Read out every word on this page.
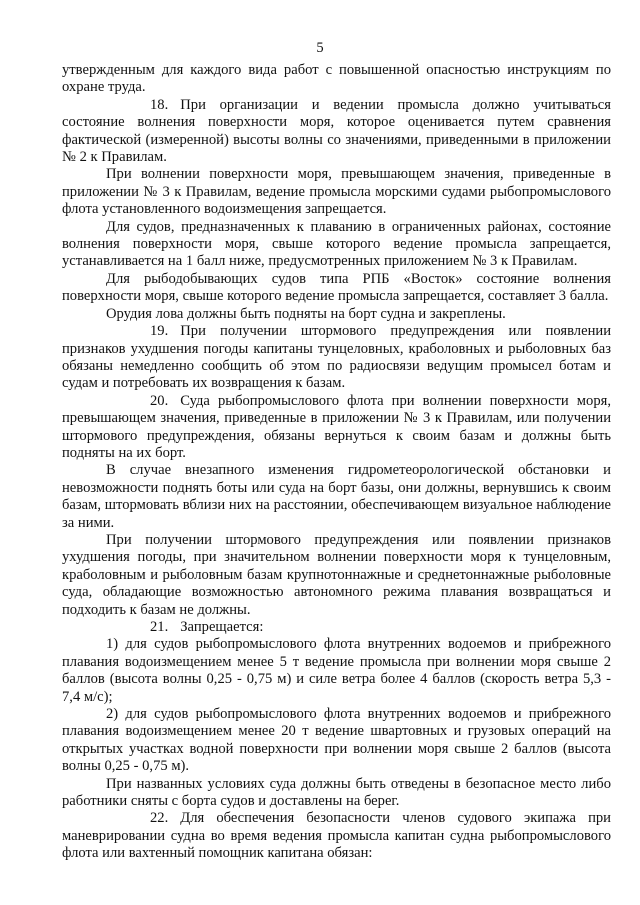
5

утвержденным для каждого вида работ с повышенной опасностью инструкциям по охране труда.

18. При организации и ведении промысла должно учитываться состояние волнения поверхности моря, которое оценивается путем сравнения фактической (измеренной) высоты волны со значениями, приведенными в приложении № 2 к Правилам.

При волнении поверхности моря, превышающем значения, приведенные в приложении № 3 к Правилам, ведение промысла морскими судами рыбопромыслового флота установленного водоизмещения запрещается.

Для судов, предназначенных к плаванию в ограниченных районах, состояние волнения поверхности моря, свыше которого ведение промысла запрещается, устанавливается на 1 балл ниже, предусмотренных приложением № 3 к Правилам.

Для рыбодобывающих судов типа РПБ «Восток» состояние волнения поверхности моря, свыше которого ведение промысла запрещается, составляет 3 балла.

Орудия лова должны быть подняты на борт судна и закреплены.

19. При получении штормового предупреждения или появлении признаков ухудшения погоды капитаны тунцеловных, краболовных и рыболовных баз обязаны немедленно сообщить об этом по радиосвязи ведущим промысел ботам и судам и потребовать их возвращения к базам.

20. Суда рыбопромыслового флота при волнении поверхности моря, превышающем значения, приведенные в приложении № 3 к Правилам, или получении штормового предупреждения, обязаны вернуться к своим базам и должны быть подняты на их борт.

В случае внезапного изменения гидрометеорологической обстановки и невозможности поднять боты или суда на борт базы, они должны, вернувшись к своим базам, штормовать вблизи них на расстоянии, обеспечивающем визуальное наблюдение за ними.

При получении штормового предупреждения или появлении признаков ухудшения погоды, при значительном волнении поверхности моря к тунцеловным, краболовным и рыболовным базам крупнотоннажные и среднетоннажные рыболовные суда, обладающие возможностью автономного режима плавания возвращаться и подходить к базам не должны.

21. Запрещается:

1) для судов рыбопромыслового флота внутренних водоемов и прибрежного плавания водоизмещением менее 5 т ведение промысла при волнении моря свыше 2 баллов (высота волны 0,25 - 0,75 м) и силе ветра более 4 баллов (скорость ветра 5,3 - 7,4 м/с);

2) для судов рыбопромыслового флота внутренних водоемов и прибрежного плавания водоизмещением менее 20 т ведение швартовных и грузовых операций на открытых участках водной поверхности при волнении моря свыше 2 баллов (высота волны 0,25 - 0,75 м).

При названных условиях суда должны быть отведены в безопасное место либо работники сняты с борта судов и доставлены на берег.

22. Для обеспечения безопасности членов судового экипажа при маневрировании судна во время ведения промысла капитан судна рыбопромыслового флота или вахтенный помощник капитана обязан:
